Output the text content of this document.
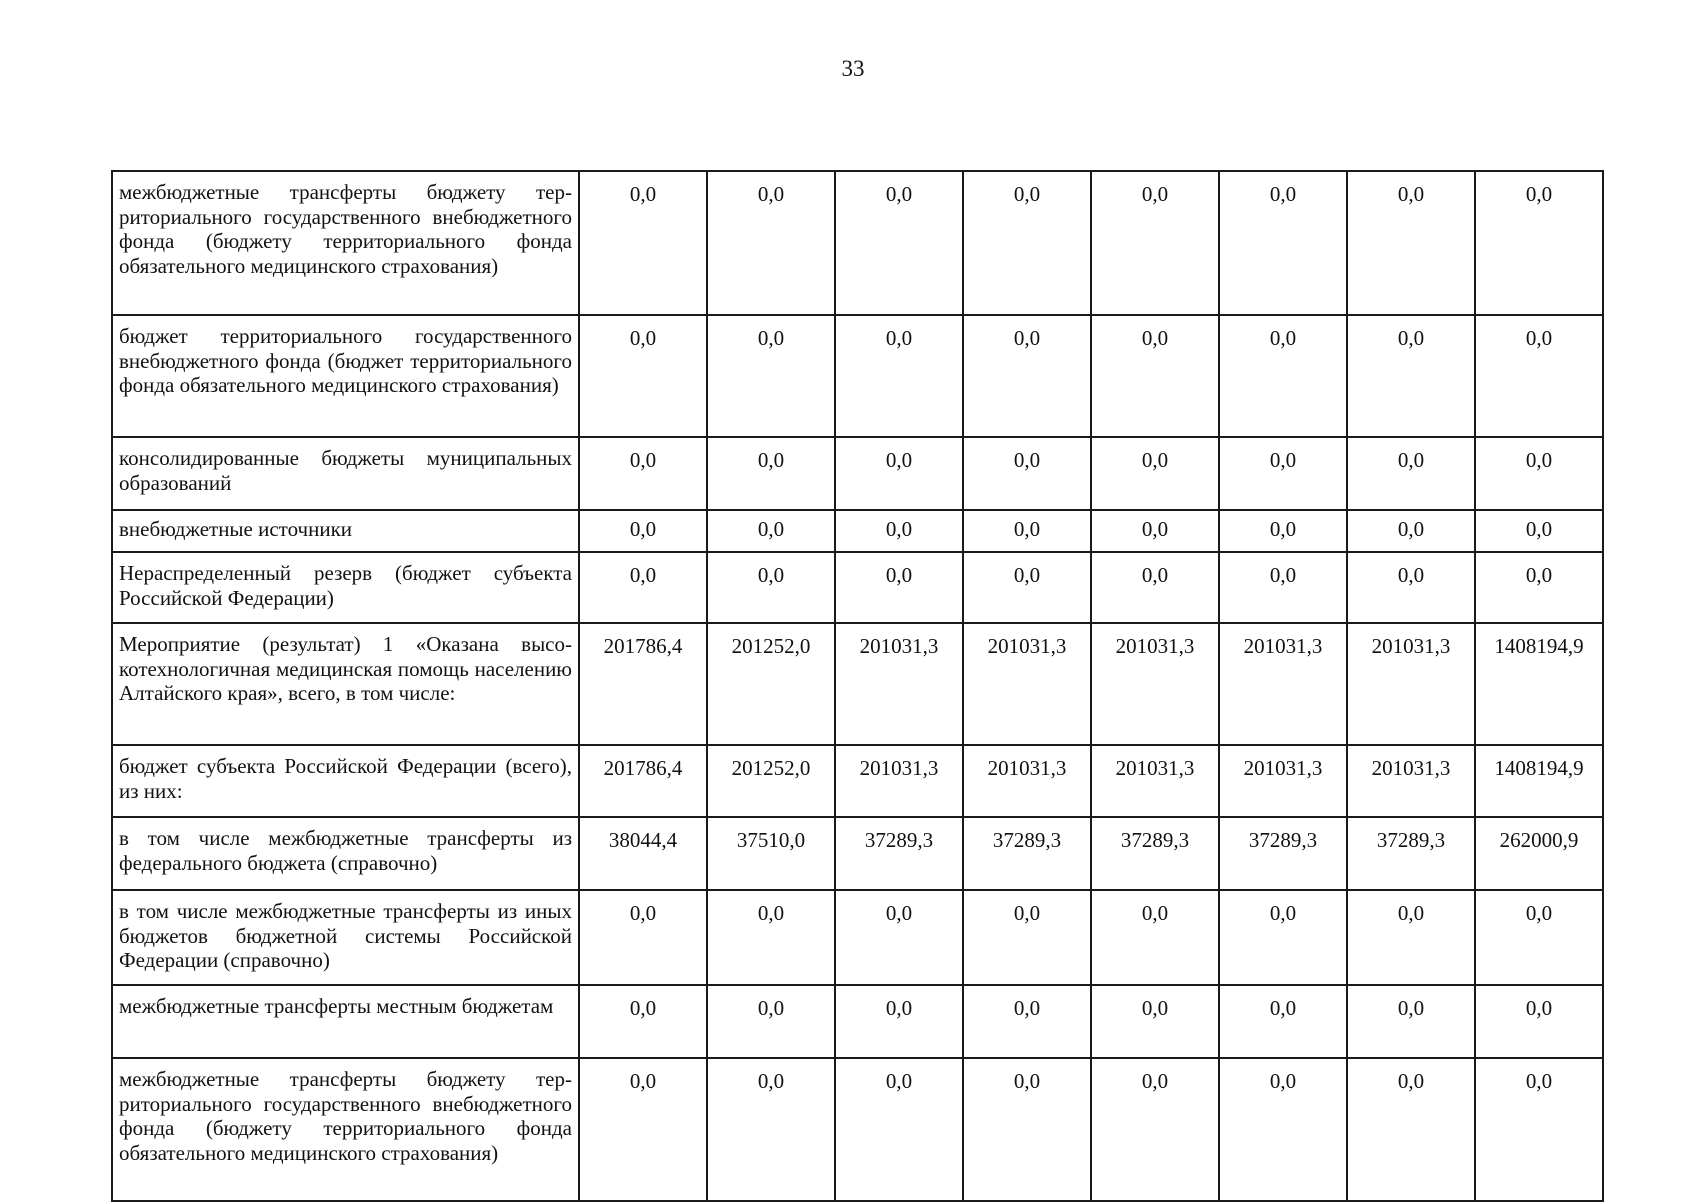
33
межбюджетные трансферты бюджету территориального государственного внебюджетного фонда (бюджету территориального фонда обязательного медицинского страхования)	0,0	0,0	0,0	0,0	0,0	0,0	0,0	0,0
бюджет территориального государственного внебюджетного фонда (бюджет территориального фонда обязательного медицинского страхования)	0,0	0,0	0,0	0,0	0,0	0,0	0,0	0,0
консолидированные бюджеты муниципальных образований	0,0	0,0	0,0	0,0	0,0	0,0	0,0	0,0
внебюджетные источники	0,0	0,0	0,0	0,0	0,0	0,0	0,0	0,0
Нераспределенный резерв (бюджет субъекта Российской Федерации)	0,0	0,0	0,0	0,0	0,0	0,0	0,0	0,0
Мероприятие (результат) 1 «Оказана высокотехнологичная медицинская помощь населению Алтайского края», всего, в том числе:	201786,4	201252,0	201031,3	201031,3	201031,3	201031,3	201031,3	1408194,9
бюджет субъекта Российской Федерации (всего), из них:	201786,4	201252,0	201031,3	201031,3	201031,3	201031,3	201031,3	1408194,9
в том числе межбюджетные трансферты из федерального бюджета (справочно)	38044,4	37510,0	37289,3	37289,3	37289,3	37289,3	37289,3	262000,9
в том числе межбюджетные трансферты из иных бюджетов бюджетной системы Российской Федерации (справочно)	0,0	0,0	0,0	0,0	0,0	0,0	0,0	0,0
межбюджетные трансферты местным бюджетам	0,0	0,0	0,0	0,0	0,0	0,0	0,0	0,0
межбюджетные трансферты бюджету территориального государственного внебюджетного фонда (бюджету территориального фонда обязательного медицинского страхования)	0,0	0,0	0,0	0,0	0,0	0,0	0,0	0,0
